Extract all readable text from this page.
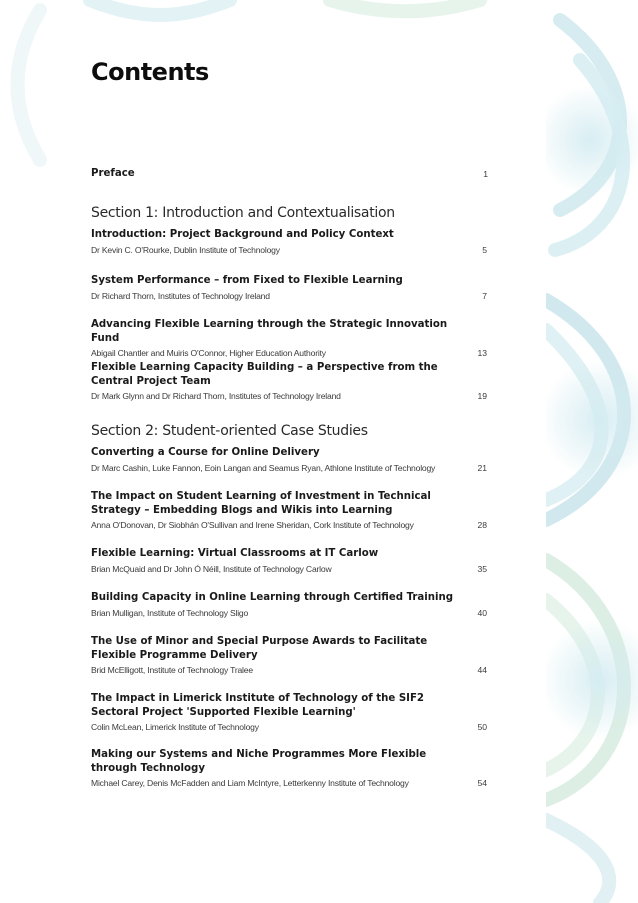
Contents
Preface	1
Section 1: Introduction and Contextualisation
Introduction: Project Background and Policy Context
Dr Kevin C. O'Rourke, Dublin Institute of Technology	5
System Performance – from Fixed to Flexible Learning
Dr Richard Thorn, Institutes of Technology Ireland	7
Advancing Flexible Learning through the Strategic Innovation Fund
Abigail Chantler and Muiris O'Connor, Higher Education Authority	13
Flexible Learning Capacity Building – a Perspective from the Central Project Team
Dr Mark Glynn and Dr Richard Thorn, Institutes of Technology Ireland	19
Section 2: Student-oriented Case Studies
Converting a Course for Online Delivery
Dr Marc Cashin, Luke Fannon, Eoin Langan and Seamus Ryan, Athlone Institute of Technology	21
The Impact on Student Learning of Investment in Technical Strategy – Embedding Blogs and Wikis into Learning
Anna O'Donovan, Dr Siobhán O'Sullivan and Irene Sheridan, Cork Institute of Technology	28
Flexible Learning: Virtual Classrooms at IT Carlow
Brian McQuaid and Dr John Ó Néill, Institute of Technology Carlow	35
Building Capacity in Online Learning through Certified Training
Brian Mulligan, Institute of Technology Sligo	40
The Use of Minor and Special Purpose Awards to Facilitate Flexible Programme Delivery
Brid McElligott, Institute of Technology Tralee	44
The Impact in Limerick Institute of Technology of the SIF2 Sectoral Project 'Supported Flexible Learning'
Colin McLean, Limerick Institute of Technology	50
Making our Systems and Niche Programmes More Flexible through Technology
Michael Carey, Denis McFadden and Liam McIntyre, Letterkenny Institute of Technology	54
